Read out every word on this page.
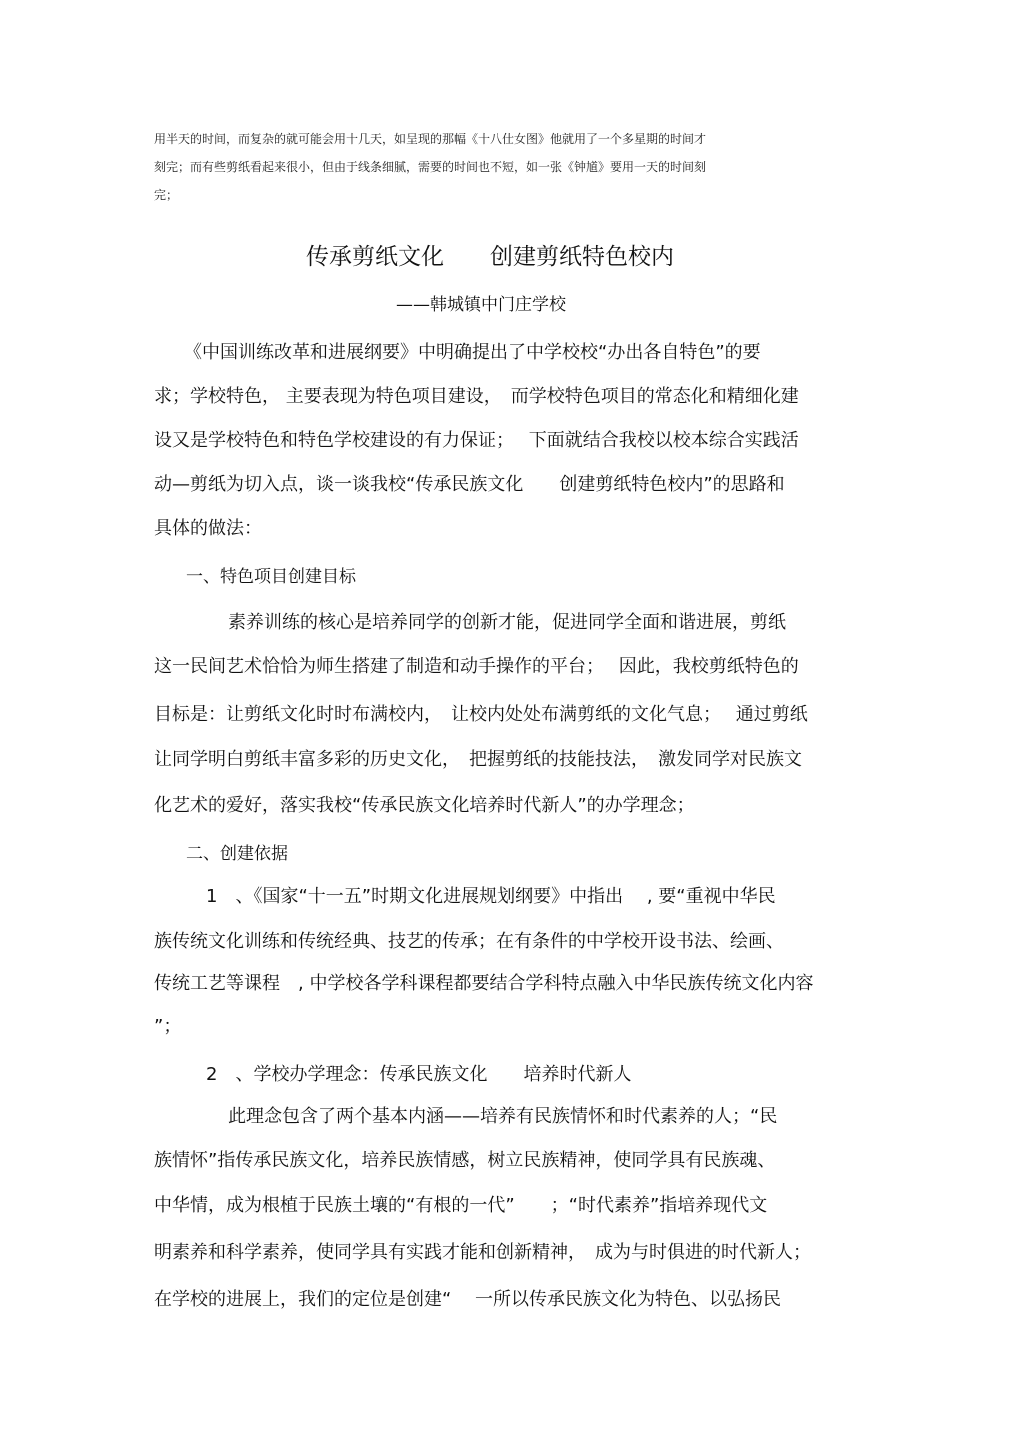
用半天的时间，而复杂的就可能会用十几天，如呈现的那幅《十八仕女图》他就用了一个多星期的时间才
刻完；而有些剪纸看起来很小，但由于线条细腻，需要的时间也不短，如一张《钟馗》要用一天的时间刻
完；
传承剪纸文化　　创建剪纸特色校内
——韩城镇中门庄学校
《中国训练改革和进展纲要》中明确提出了中学校校“办出各自特色”的要
求；学校特色， 主要表现为特色项目建设，　而学校特色项目的常态化和精细化建
设又是学校特色和特色学校建设的有力保证；　 下面就结合我校以校本综合实践活
动—剪纸为切入点，谈一谈我校“传承民族文化　　创建剪纸特色校内”的思路和
具体的做法：
一、特色项目创建目标
素养训练的核心是培养同学的创新才能，促进同学全面和谐进展，剪纸
这一民间艺术恰恰为师生搭建了制造和动手操作的平台；　 因此，我校剪纸特色的
目标是：让剪纸文化时时布满校内，　让校内处处布满剪纸的文化气息；　 通过剪纸
让同学明白剪纸丰富多彩的历史文化，　把握剪纸的技能技法，　激发同学对民族文
化艺术的爱好，落实我校“传承民族文化培养时代新人”的办学理念；
二、创建依据
1　、《国家“十一五”时期文化进展规划纲要》中指出　 , 要“重视中华民
族传统文化训练和传统经典、技艺的传承；在有条件的中学校开设书法、绘画、
传统工艺等课程　, 中学校各学科课程都要结合学科特点融入中华民族传统文化内容
”；
2　、学校办学理念：传承民族文化　　培养时代新人
此理念包含了两个基本内涵——培养有民族情怀和时代素养的人；“民
族情怀”指传承民族文化，培养民族情感，树立民族精神，使同学具有民族魂、
中华情，成为根植于民族土壤的“有根的一代”　　；“时代素养”指培养现代文
明素养和科学素养，使同学具有实践才能和创新精神，　成为与时俱进的时代新人；
在学校的进展上，我们的定位是创建“　 一所以传承民族文化为特色、以弘扬民
